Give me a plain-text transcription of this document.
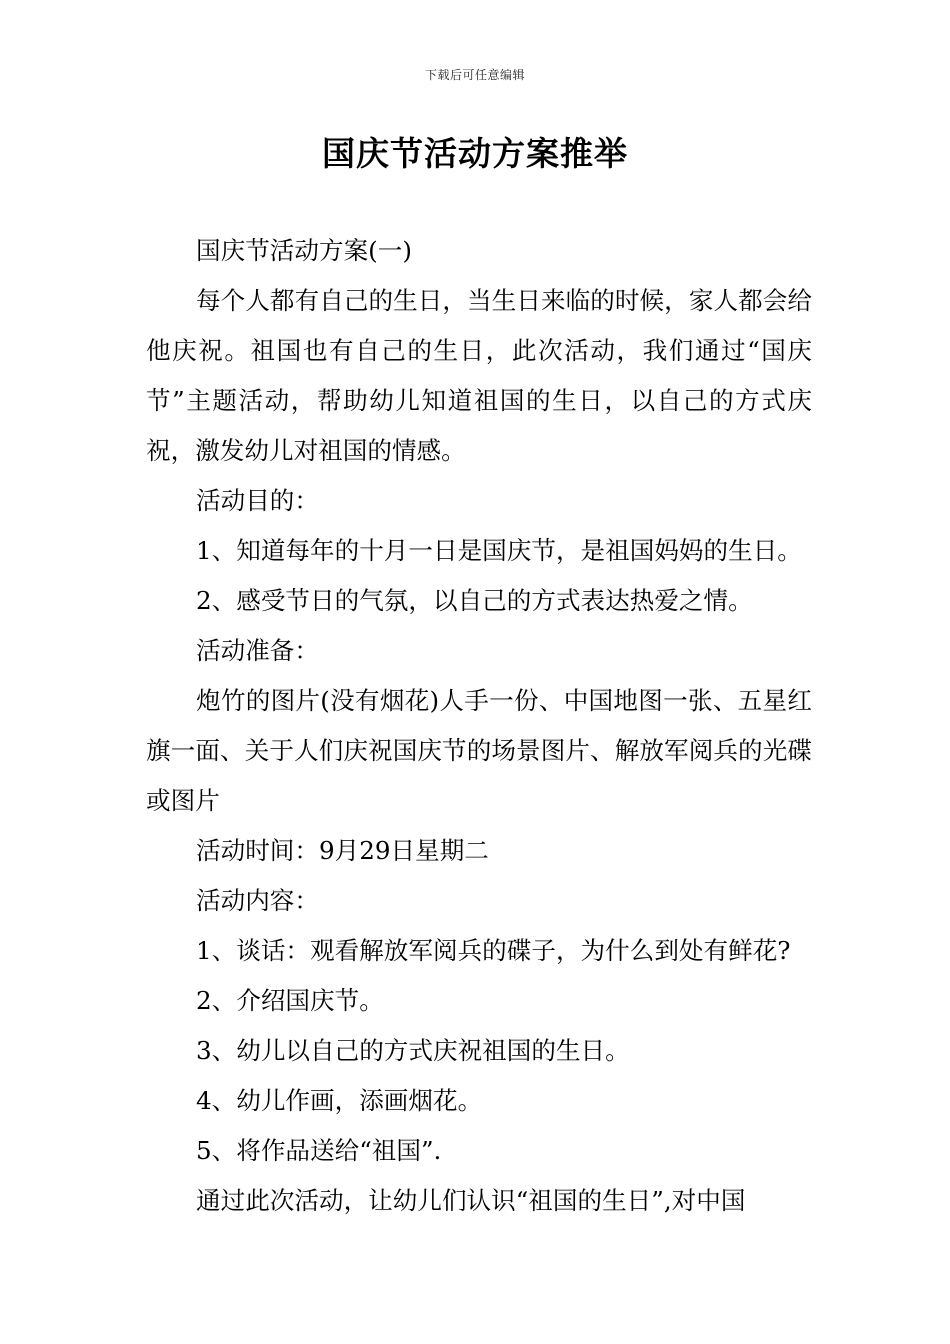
下载后可任意编辑
国庆节活动方案推举

国庆节活动方案(一)

每个人都有自己的生日，当生日来临的时候，家人都会给他庆祝。祖国也有自己的生日，此次活动，我们通过“国庆节”主题活动，帮助幼儿知道祖国的生日，以自己的方式庆祝，激发幼儿对祖国的情感。

活动目的：

1、知道每年的十月一日是国庆节，是祖国妈妈的生日。

2、感受节日的气氛，以自己的方式表达热爱之情。

活动准备：

炮竹的图片(没有烟花)人手一份、中国地图一张、五星红旗一面、关于人们庆祝国庆节的场景图片、解放军阅兵的光碟或图片

活动时间：9月29日星期二

活动内容：

1、谈话：观看解放军阅兵的碟子，为什么到处有鲜花?

2、介绍国庆节。

3、幼儿以自己的方式庆祝祖国的生日。

4、幼儿作画，添画烟花。

5、将作品送给“祖国”.

通过此次活动，让幼儿们认识“祖国的生日”,对中国
